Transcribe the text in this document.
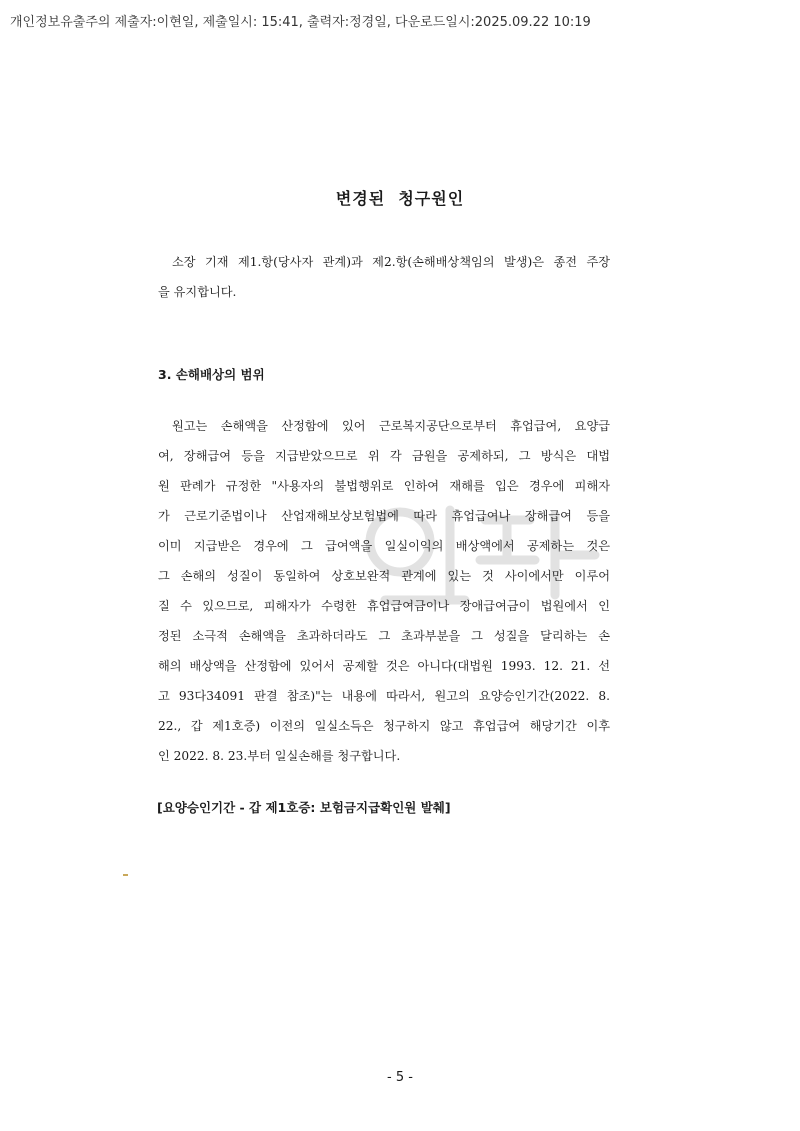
개인정보유출주의 제출자:이현일, 제출일시: 15:41, 출력자:정경일, 다운로드일시:2025.09.22 10:19
변경된  청구원인
소장 기재 제1.항(당사자 관계)과 제2.항(손해배상책임의 발생)은 종전 주장
을 유지합니다.
3. 손해배상의 범위
원고는 손해액을 산정함에 있어 근로복지공단으로부터 휴업급여, 요양급
여, 장해급여 등을 지급받았으므로 위 각 금원을 공제하되, 그 방식은 대법
원 판례가 규정한 "사용자의 불법행위로 인하여 재해를 입은 경우에 피해자
가 근로기준법이나 산업재해보상보험법에 따라 휴업급여나 장해급여 등을
이미 지급받은 경우에 그 급여액을 일실이익의 배상액에서 공제하는 것은
그 손해의 성질이 동일하여 상호보완적 관계에 있는 것 사이에서만 이루어
질 수 있으므로, 피해자가 수령한 휴업급여금이나 장애급여금이 법원에서 인
정된 소극적 손해액을 초과하더라도 그 초과부분을 그 성질을 달리하는 손
해의 배상액을 산정함에 있어서 공제할 것은 아니다(대법원 1993. 12. 21. 선
고 93다34091 판결 참조)"는 내용에 따라서, 원고의 요양승인기간(2022. 8.
22., 갑 제1호증) 이전의 일실소득은 청구하지 않고 휴업급여 해당기간 이후
인 2022. 8. 23.부터 일실손해를 청구합니다.
[요양승인기간 - 갑 제1호증: 보험금지급확인원 발췌]
- 5 -
